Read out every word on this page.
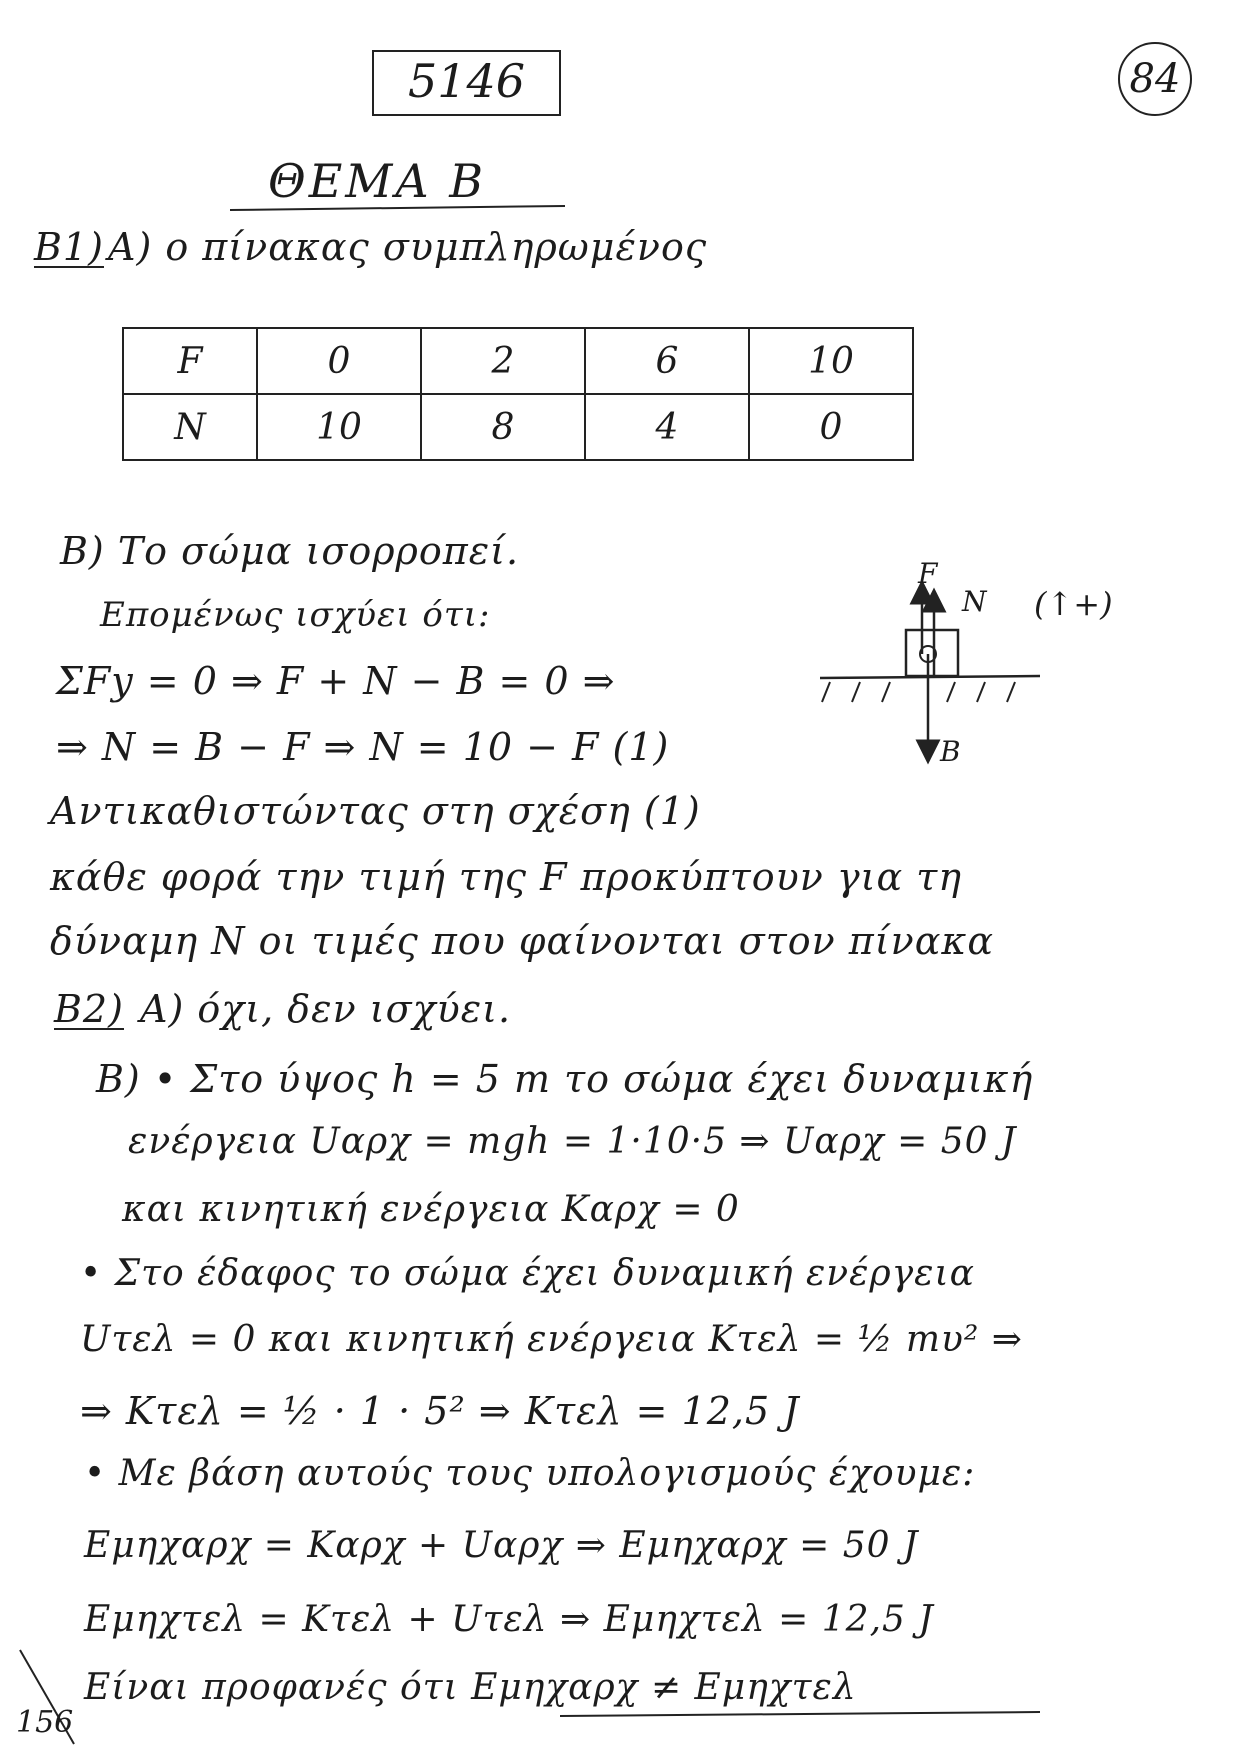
5146	84
ΘΕΜΑ Β
B1) A) ο πίνακας συμπληρωμένος
F	0	2	6	10
N	10	8	4	0
B) Το σώμα ισορροπεί.
Επομένως ισχύει ότι:
ΣFy = 0 ⇒ F + N − B = 0 ⇒
⇒ N = B − F ⇒ N = 10 − F (1)
Αντικαθιστώντας στη σχέση (1)
κάθε φορά την τιμή της F προκύπτουν για τη
δύναμη N οι τιμές που φαίνονται στον πίνακα
F
N
B
(↑+)
B2) A) όχι, δεν ισχύει.
B) • Στο ύψος h = 5 m το σώμα έχει δυναμική
ενέργεια Uαρχ = mgh = 1·10·5 ⇒ Uαρχ = 50 J
και κινητική ενέργεια Kαρχ = 0
• Στο έδαφος το σώμα έχει δυναμική ενέργεια
Uτελ = 0 και κινητική ενέργεια Kτελ = ½ mυ² ⇒
⇒ Kτελ = ½ · 1 · 5² ⇒ Kτελ = 12,5 J
• Με βάση αυτούς τους υπολογισμούς έχουμε:
Eμηχαρχ = Kαρχ + Uαρχ ⇒ Eμηχαρχ = 50 J
Eμηχτελ = Kτελ + Uτελ ⇒ Eμηχτελ = 12,5 J
Είναι προφανές ότι Eμηχαρχ ≠ Eμηχτελ
156
